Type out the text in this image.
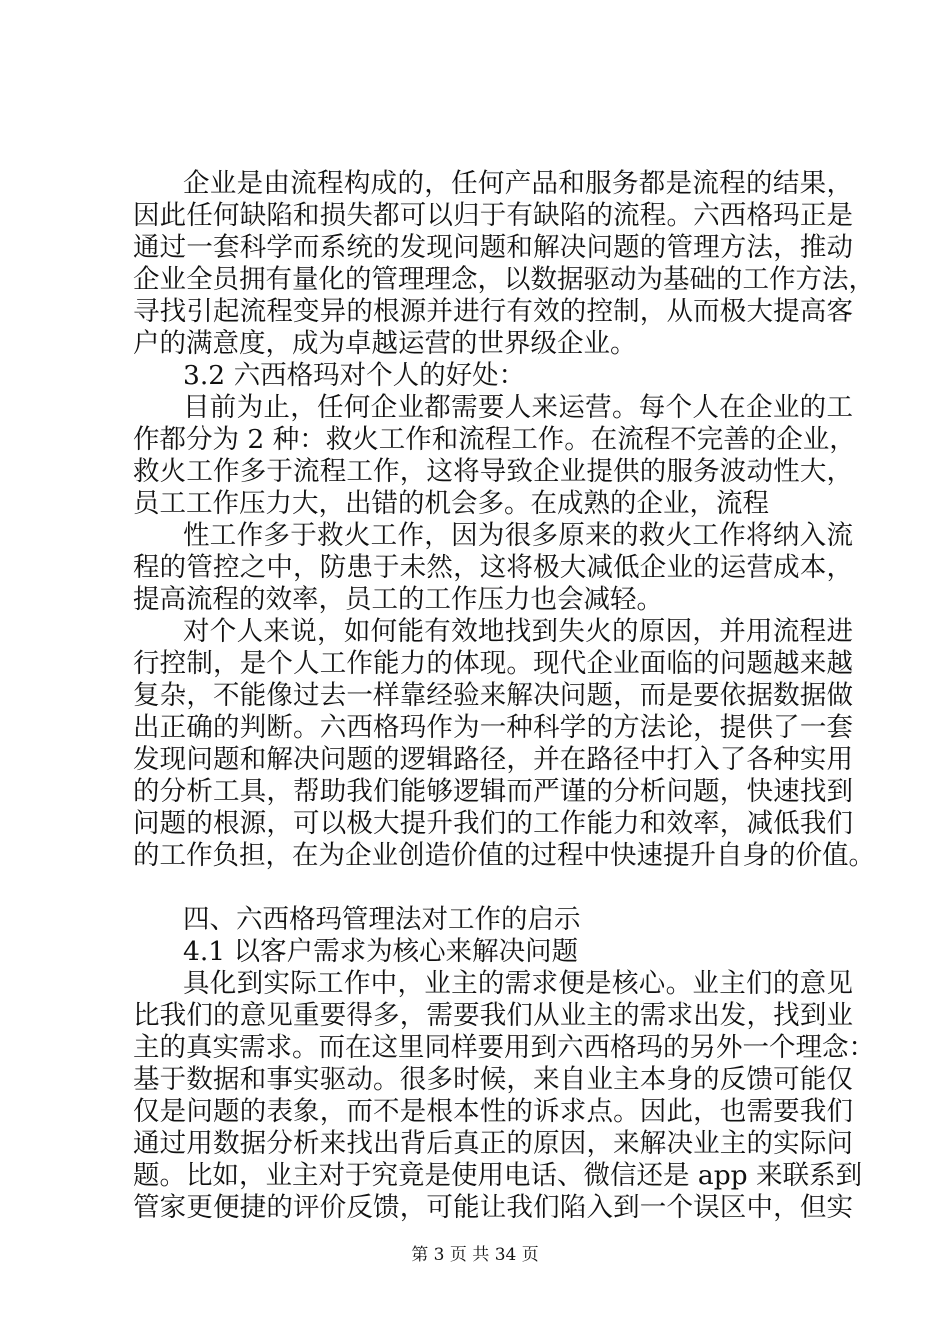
企业是由流程构成的，任何产品和服务都是流程的结果，
因此任何缺陷和损失都可以归于有缺陷的流程。六西格玛正是
通过一套科学而系统的发现问题和解决问题的管理方法，推动
企业全员拥有量化的管理理念，以数据驱动为基础的工作方法，
寻找引起流程变异的根源并进行有效的控制，从而极大提高客
户的满意度，成为卓越运营的世界级企业。
3.2 六西格玛对个人的好处：
目前为止，任何企业都需要人来运营。每个人在企业的工
作都分为 2 种：救火工作和流程工作。在流程不完善的企业，
救火工作多于流程工作，这将导致企业提供的服务波动性大，
员工工作压力大，出错的机会多。在成熟的企业，流程
性工作多于救火工作，因为很多原来的救火工作将纳入流
程的管控之中，防患于未然，这将极大减低企业的运营成本，
提高流程的效率，员工的工作压力也会减轻。
对个人来说，如何能有效地找到失火的原因，并用流程进
行控制，是个人工作能力的体现。现代企业面临的问题越来越
复杂，不能像过去一样靠经验来解决问题，而是要依据数据做
出正确的判断。六西格玛作为一种科学的方法论，提供了一套
发现问题和解决问题的逻辑路径，并在路径中打入了各种实用
的分析工具，帮助我们能够逻辑而严谨的分析问题，快速找到
问题的根源，可以极大提升我们的工作能力和效率，减低我们
的工作负担，在为企业创造价值的过程中快速提升自身的价值。
四、六西格玛管理法对工作的启示
4.1 以客户需求为核心来解决问题
具化到实际工作中，业主的需求便是核心。业主们的意见
比我们的意见重要得多，需要我们从业主的需求出发，找到业
主的真实需求。而在这里同样要用到六西格玛的另外一个理念：
基于数据和事实驱动。很多时候，来自业主本身的反馈可能仅
仅是问题的表象，而不是根本性的诉求点。因此，也需要我们
通过用数据分析来找出背后真正的原因，来解决业主的实际问
题。比如，业主对于究竟是使用电话、微信还是 app 来联系到
管家更便捷的评价反馈，可能让我们陷入到一个误区中，但实
第 3 页 共 34 页
